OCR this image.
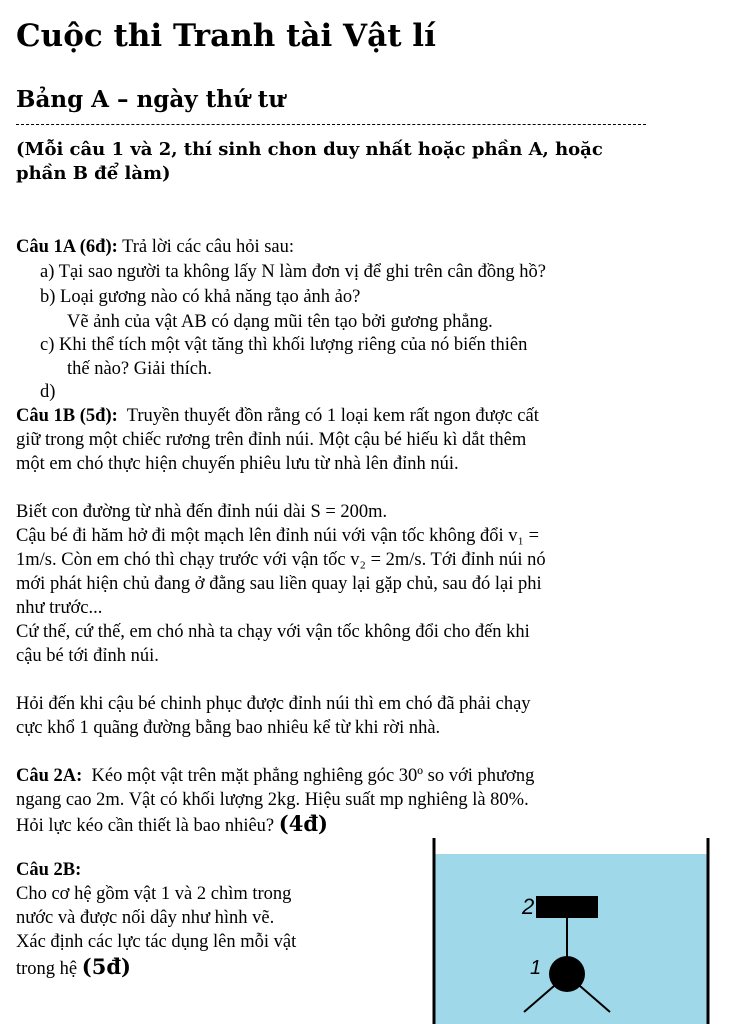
Cuộc thi Tranh tài Vật lí
Bảng A – ngày thứ tư
(Mỗi câu 1 và 2, thí sinh chon duy nhất hoặc phần A, hoặc phần B để làm)
Câu 1A (6đ): Trả lời các câu hỏi sau:
a) Tại sao người ta không lấy N làm đơn vị để ghi trên cân đồng hồ?
b) Loại gương nào có khả năng tạo ảnh ảo?
Vẽ ảnh của vật AB có dạng mũi tên tạo bởi gương phẳng.
c) Khi thể tích một vật tăng thì khối lượng riêng của nó biến thiên
thế nào? Giải thích.
d)
Câu 1B (5đ): Truyền thuyết đồn rằng có 1 loại kem rất ngon được cất
giữ trong một chiếc rương trên đỉnh núi. Một cậu bé hiếu kì dắt thêm
một em chó thực hiện chuyến phiêu lưu từ nhà lên đỉnh núi.
Biết con đường từ nhà đến đỉnh núi dài S = 200m.
Cậu bé đi hăm hở đi một mạch lên đỉnh núi với vận tốc không đổi v₁ =
1m/s. Còn em chó thì chạy trước với vận tốc v₂ = 2m/s. Tới đỉnh núi nó
mới phát hiện chủ đang ở đằng sau liền quay lại gặp chủ, sau đó lại phi
như trước...
Cứ thế, cứ thế, em chó nhà ta chạy với vận tốc không đổi cho đến khi
cậu bé tới đỉnh núi.
Hỏi đến khi cậu bé chinh phục được đỉnh núi thì em chó đã phải chạy
cực khổ 1 quãng đường bằng bao nhiêu kể từ khi rời nhà.
Câu 2A: Kéo một vật trên mặt phẳng nghiêng góc 30º so với phương
ngang cao 2m. Vật có khối lượng 2kg. Hiệu suất mp nghiêng là 80%.
Hỏi lực kéo cần thiết là bao nhiêu? (4đ)
Câu 2B:
Cho cơ hệ gồm vật 1 và 2 chìm trong
nước và được nối dây như hình vẽ.
Xác định các lực tác dụng lên mỗi vật
trong hệ (5đ)
2
1
